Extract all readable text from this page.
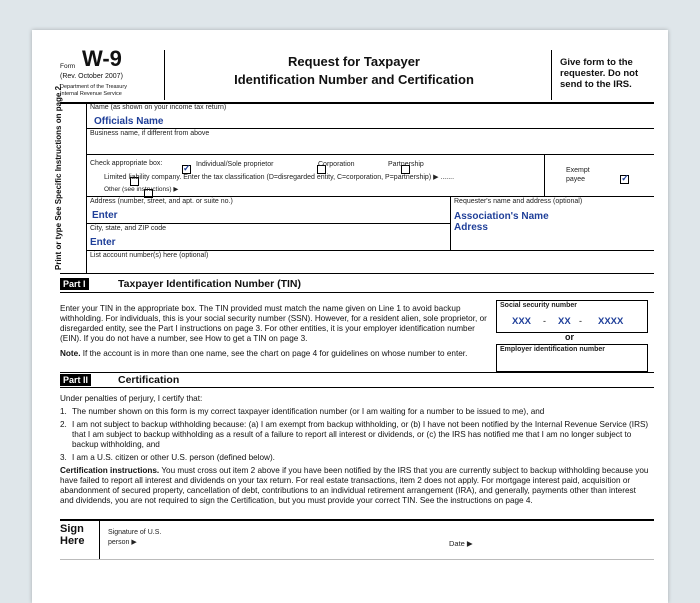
Form W-9
(Rev. October 2007)
Department of the Treasury
Internal Revenue Service
Request for Taxpayer
Identification Number and Certification
Give form to the requester. Do not send to the IRS.
Print or type See Specific Instructions on page 2.	Name (as shown on your income tax return)
Officials Name
Business name, if different from above
Check appropriate box:
✓	Individual/Sole proprietor
	Corporation
	Partnership

Limited liability company. Enter the tax classification (D=disregarded entity, C=corporation, P=partnership) ▶ .......

Other (see instructions) ▶
✓
Exempt payee
Address (number, street, and apt. or suite no.)
Enter
Requester's name and address (optional)
Association's Name
Adress
City, state, and ZIP code
Enter
List account number(s) here (optional)
Part I	Taxpayer Identification Number (TIN)
Enter your TIN in the appropriate box. The TIN provided must match the name given on Line 1 to avoid backup withholding. For individuals, this is your social security number (SSN). However, for a resident alien, sole proprietor, or disregarded entity, see the Part I instructions on page 3. For other entities, it is your employer identification number (EIN). If you do not have a number, see How to get a TIN on page 3.
Note. If the account is in more than one name, see the chart on page 4 for guidelines on whose number to enter.
Social security number
XXX - XX - XXXX
or
Employer identification number
Part II	Certification
Under penalties of perjury, I certify that:
1. The number shown on this form is my correct taxpayer identification number (or I am waiting for a number to be issued to me), and
2. I am not subject to backup withholding because: (a) I am exempt from backup withholding, or (b) I have not been notified by the Internal Revenue Service (IRS) that I am subject to backup withholding as a result of a failure to report all interest or dividends, or (c) the IRS has notified me that I am no longer subject to backup withholding, and
3. I am a U.S. citizen or other U.S. person (defined below).
Certification instructions. You must cross out item 2 above if you have been notified by the IRS that you are currently subject to backup withholding because you have failed to report all interest and dividends on your tax return. For real estate transactions, item 2 does not apply. For mortgage interest paid, acquisition or abandonment of secured property, cancellation of debt, contributions to an individual retirement arrangement (IRA), and generally, payments other than interest and dividends, you are not required to sign the Certification, but you must provide your correct TIN. See the instructions on page 4.
Sign Here
Signature of U.S. person ▶	Date ▶
